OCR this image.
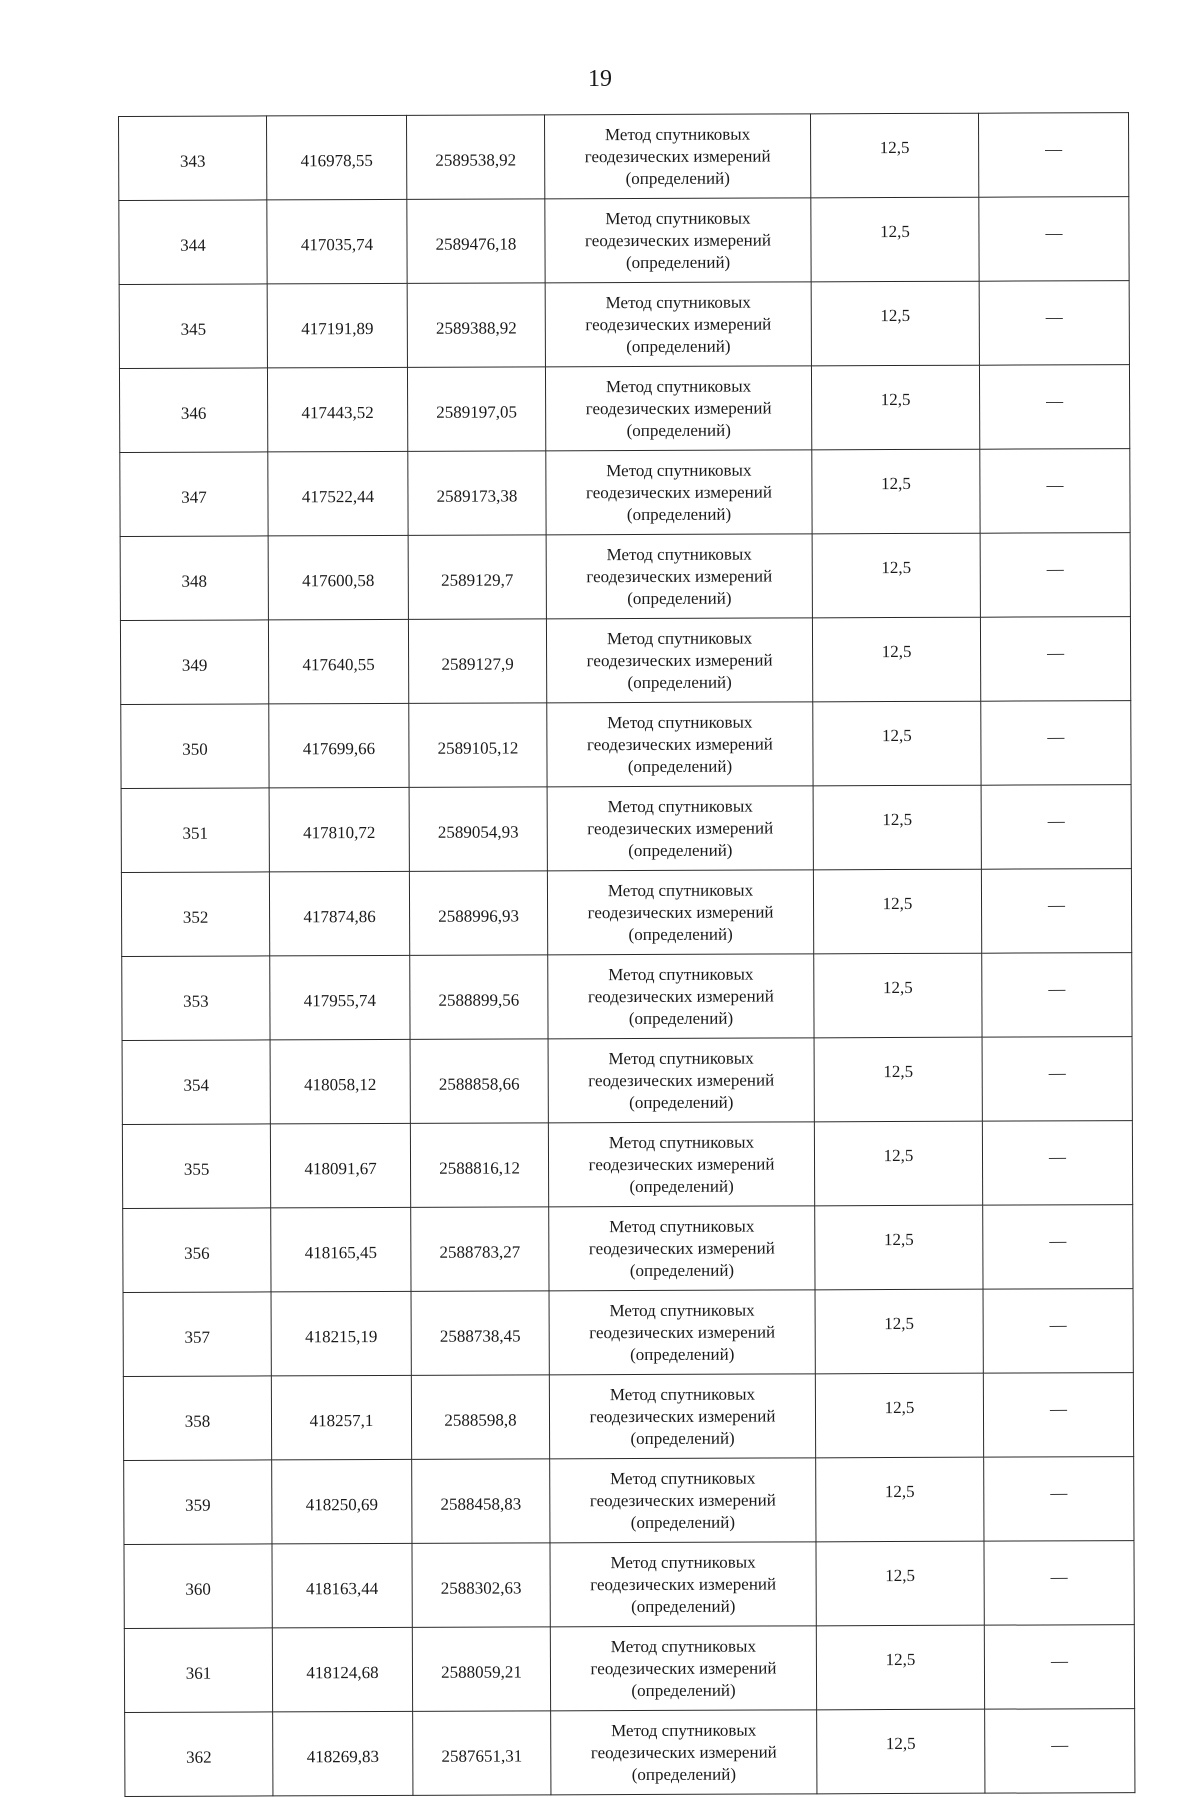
19
343	416978,55	2589538,92	Метод спутниковых
геодезических измерений
(определений)	12,5	—
344	417035,74	2589476,18	Метод спутниковых
геодезических измерений
(определений)	12,5	—
345	417191,89	2589388,92	Метод спутниковых
геодезических измерений
(определений)	12,5	—
346	417443,52	2589197,05	Метод спутниковых
геодезических измерений
(определений)	12,5	—
347	417522,44	2589173,38	Метод спутниковых
геодезических измерений
(определений)	12,5	—
348	417600,58	2589129,7	Метод спутниковых
геодезических измерений
(определений)	12,5	—
349	417640,55	2589127,9	Метод спутниковых
геодезических измерений
(определений)	12,5	—
350	417699,66	2589105,12	Метод спутниковых
геодезических измерений
(определений)	12,5	—
351	417810,72	2589054,93	Метод спутниковых
геодезических измерений
(определений)	12,5	—
352	417874,86	2588996,93	Метод спутниковых
геодезических измерений
(определений)	12,5	—
353	417955,74	2588899,56	Метод спутниковых
геодезических измерений
(определений)	12,5	—
354	418058,12	2588858,66	Метод спутниковых
геодезических измерений
(определений)	12,5	—
355	418091,67	2588816,12	Метод спутниковых
геодезических измерений
(определений)	12,5	—
356	418165,45	2588783,27	Метод спутниковых
геодезических измерений
(определений)	12,5	—
357	418215,19	2588738,45	Метод спутниковых
геодезических измерений
(определений)	12,5	—
358	418257,1	2588598,8	Метод спутниковых
геодезических измерений
(определений)	12,5	—
359	418250,69	2588458,83	Метод спутниковых
геодезических измерений
(определений)	12,5	—
360	418163,44	2588302,63	Метод спутниковых
геодезических измерений
(определений)	12,5	—
361	418124,68	2588059,21	Метод спутниковых
геодезических измерений
(определений)	12,5	—
362	418269,83	2587651,31	Метод спутниковых
геодезических измерений
(определений)	12,5	—
